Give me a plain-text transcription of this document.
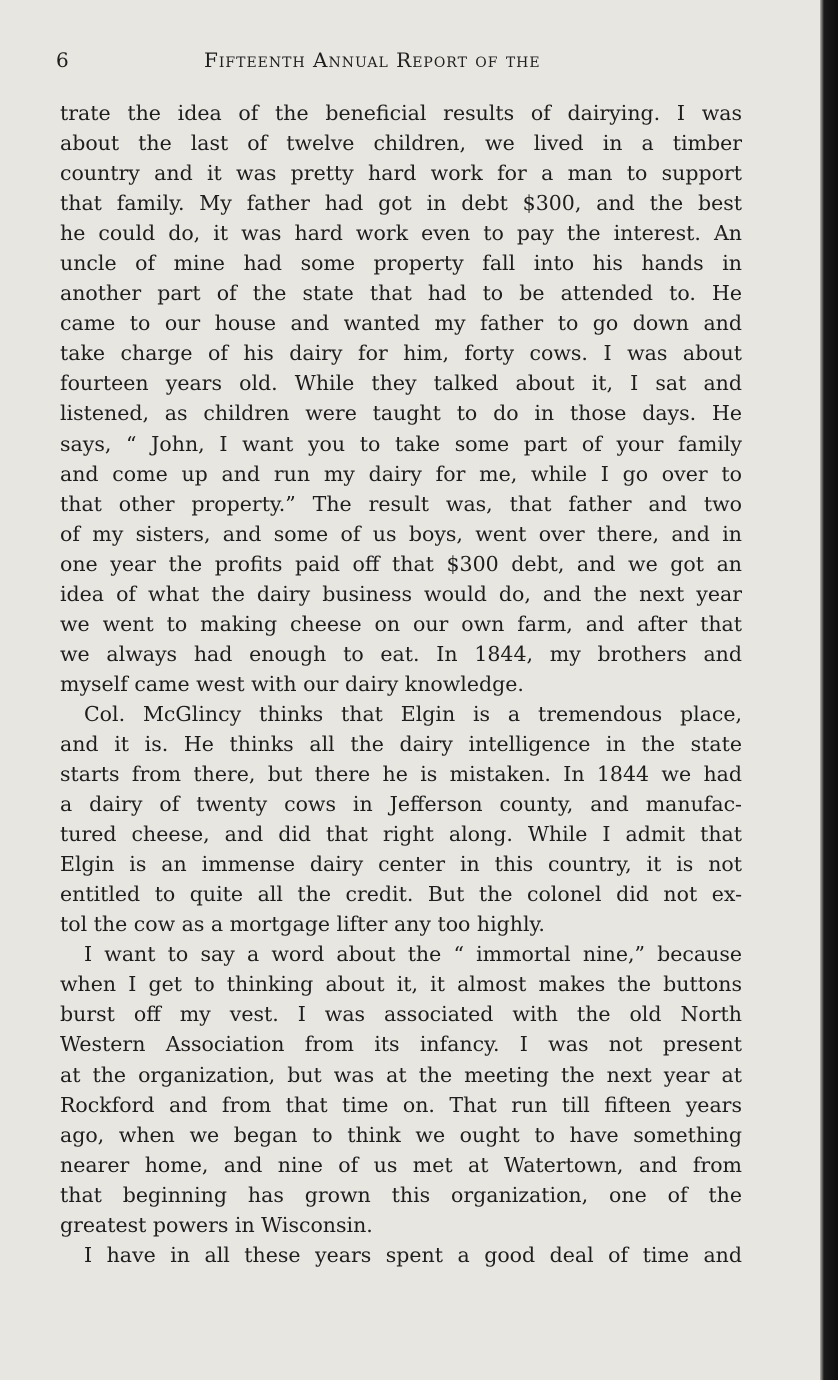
6	Fifteenth Annual Report of the
trate the idea of the beneficial results of dairying. I was
about the last of twelve children, we lived in a timber
country and it was pretty hard work for a man to support
that family. My father had got in debt $300, and the best
he could do, it was hard work even to pay the interest. An
uncle of mine had some property fall into his hands in
another part of the state that had to be attended to. He
came to our house and wanted my father to go down and
take charge of his dairy for him, forty cows. I was about
fourteen years old. While they talked about it, I sat and
listened, as children were taught to do in those days. He
says, “ John, I want you to take some part of your family
and come up and run my dairy for me, while I go over to
that other property.” The result was, that father and two
of my sisters, and some of us boys, went over there, and in
one year the profits paid off that $300 debt, and we got an
idea of what the dairy business would do, and the next year
we went to making cheese on our own farm, and after that
we always had enough to eat. In 1844, my brothers and
myself came west with our dairy knowledge.
Col. McGlincy thinks that Elgin is a tremendous place,
and it is. He thinks all the dairy intelligence in the state
starts from there, but there he is mistaken. In 1844 we had
a dairy of twenty cows in Jefferson county, and manufac-
tured cheese, and did that right along. While I admit that
Elgin is an immense dairy center in this country, it is not
entitled to quite all the credit. But the colonel did not ex-
tol the cow as a mortgage lifter any too highly.
I want to say a word about the “ immortal nine,” because
when I get to thinking about it, it almost makes the buttons
burst off my vest. I was associated with the old North
Western Association from its infancy. I was not present
at the organization, but was at the meeting the next year at
Rockford and from that time on. That run till fifteen years
ago, when we began to think we ought to have something
nearer home, and nine of us met at Watertown, and from
that beginning has grown this organization, one of the
greatest powers in Wisconsin.
I have in all these years spent a good deal of time and
